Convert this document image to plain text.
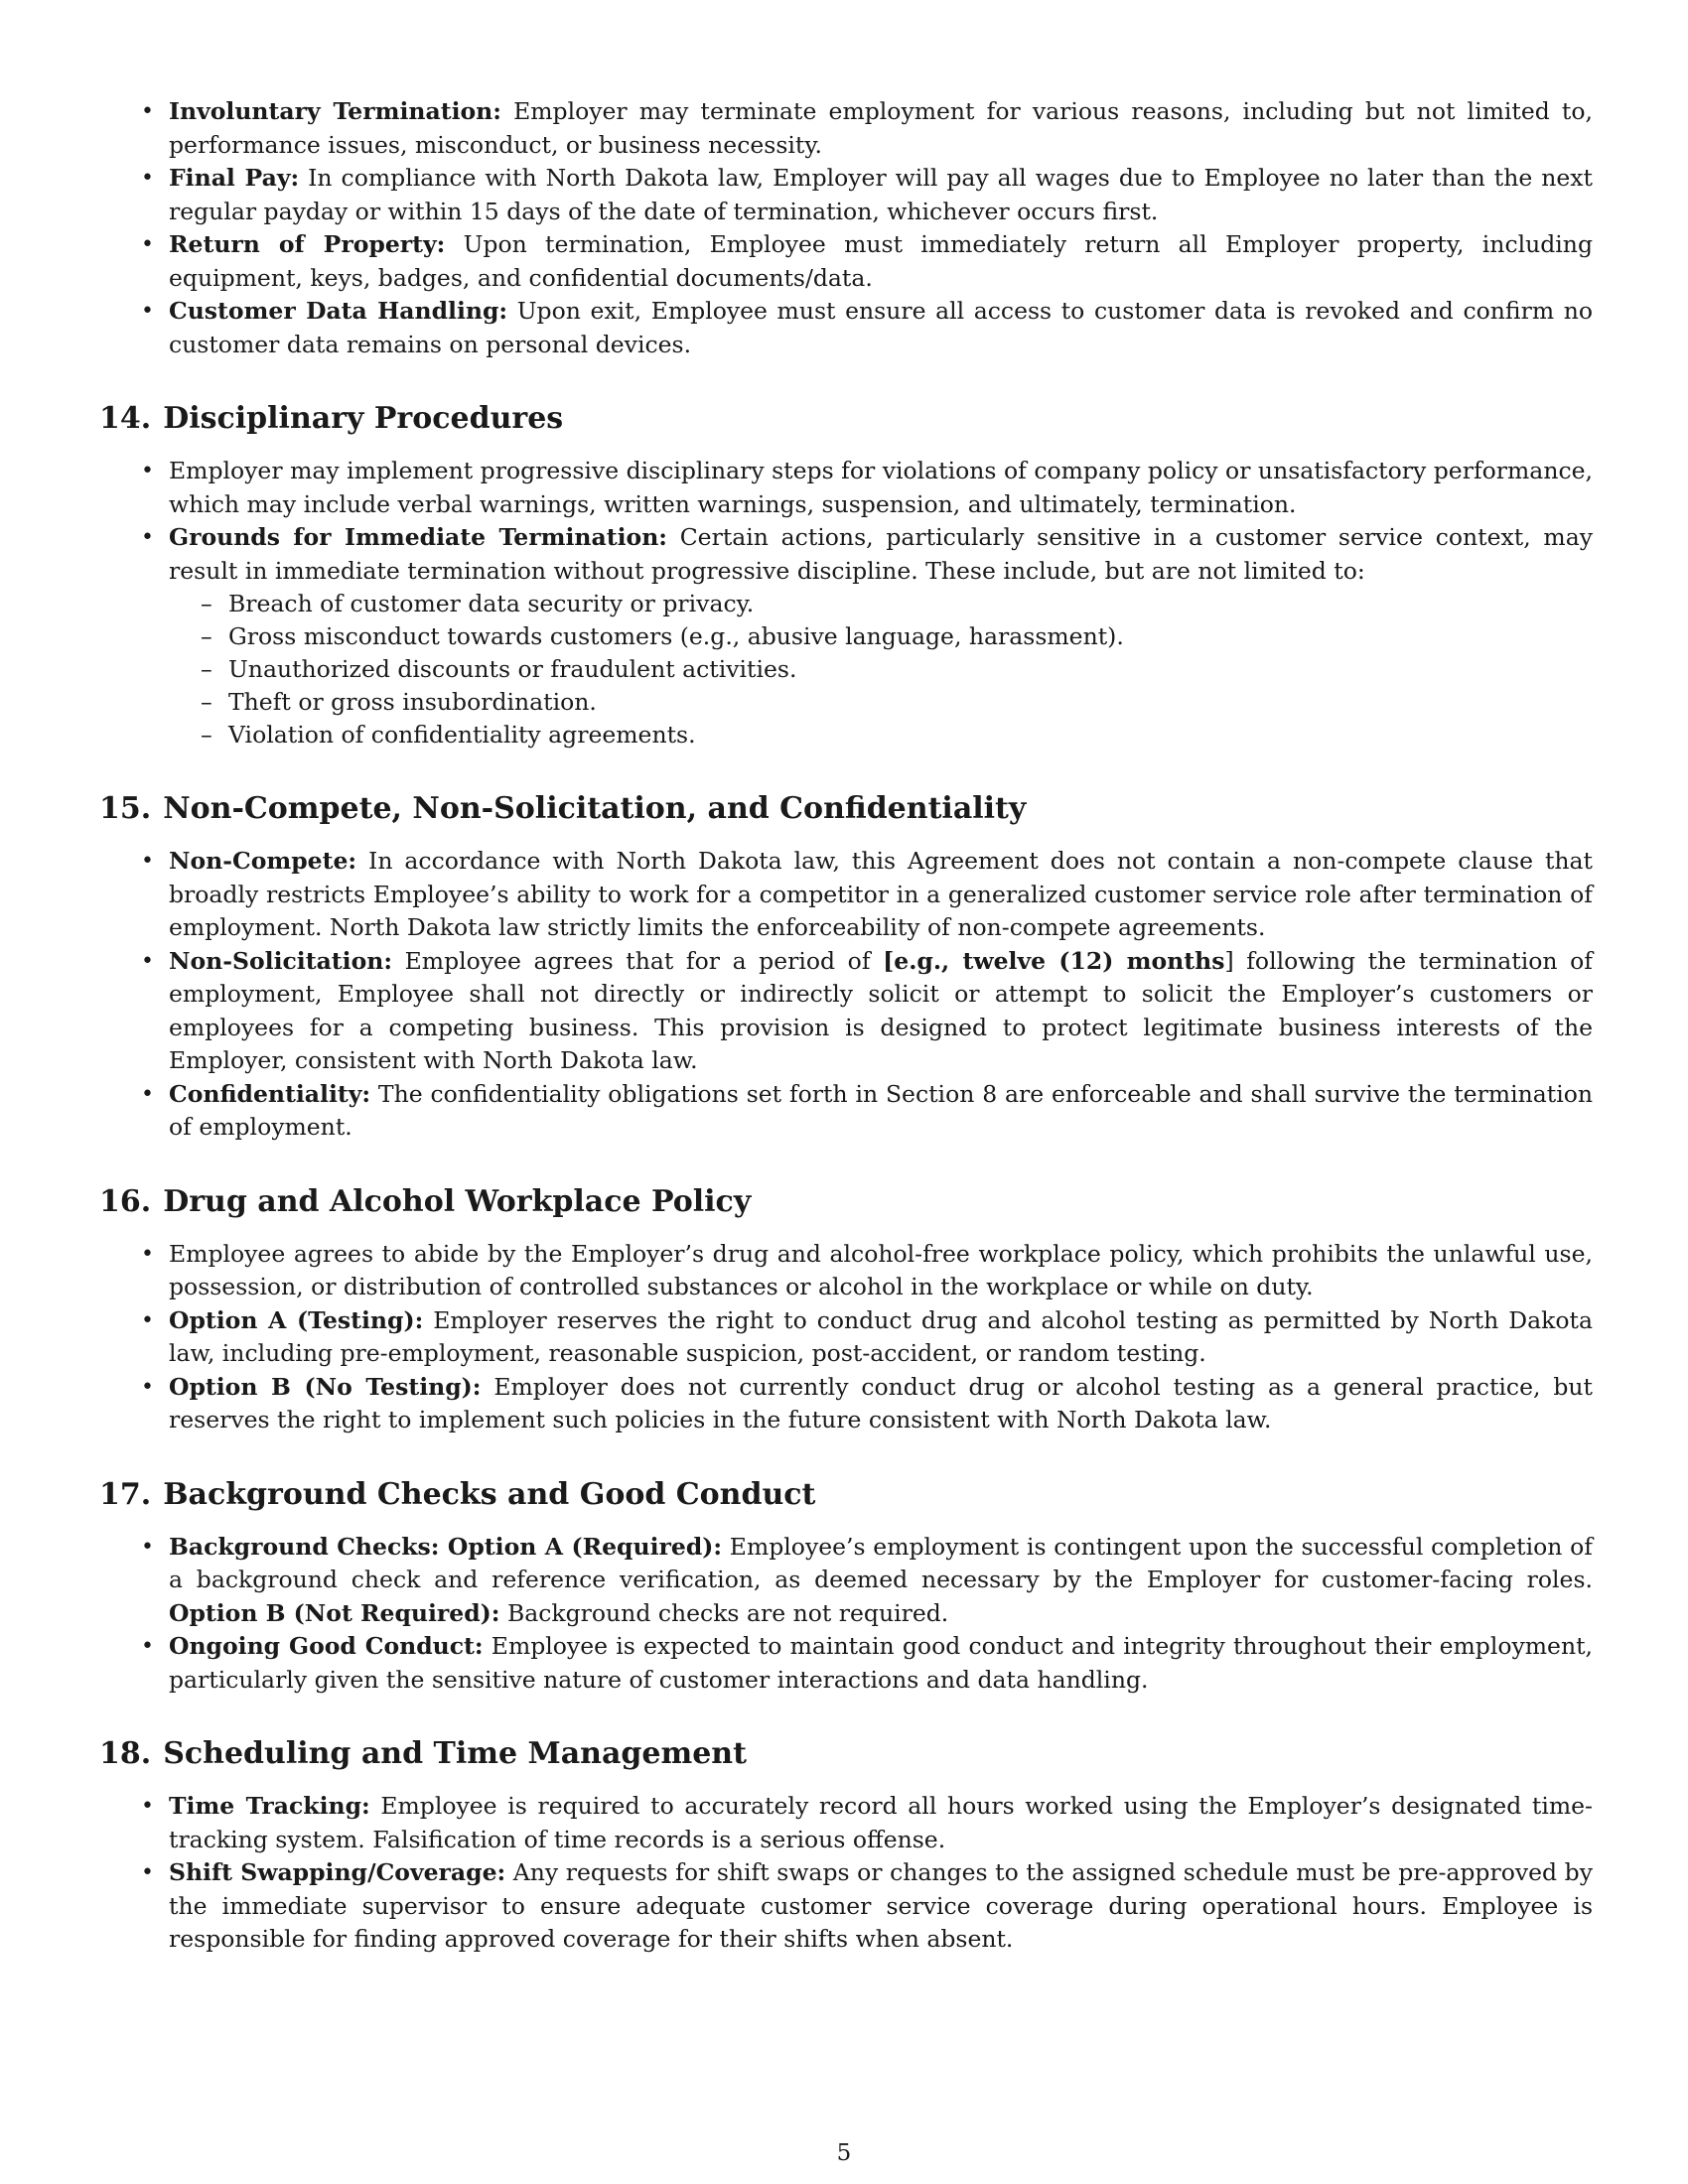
• Involuntary Termination: Employer may terminate employment for various reasons, including but not limited to, performance issues, misconduct, or business necessity.
• Final Pay: In compliance with North Dakota law, Employer will pay all wages due to Employee no later than the next regular payday or within 15 days of the date of termination, whichever occurs first.
• Return of Property: Upon termination, Employee must immediately return all Employer property, including equipment, keys, badges, and confidential documents/data.
• Customer Data Handling: Upon exit, Employee must ensure all access to customer data is revoked and confirm no customer data remains on personal devices.
14. Disciplinary Procedures
• Employer may implement progressive disciplinary steps for violations of company policy or unsatisfactory performance, which may include verbal warnings, written warnings, suspension, and ultimately, termination.
• Grounds for Immediate Termination: Certain actions, particularly sensitive in a customer service context, may result in immediate termination without progressive discipline. These include, but are not limited to:
– Breach of customer data security or privacy.
– Gross misconduct towards customers (e.g., abusive language, harassment).
– Unauthorized discounts or fraudulent activities.
– Theft or gross insubordination.
– Violation of confidentiality agreements.
15. Non-Compete, Non-Solicitation, and Confidentiality
• Non-Compete: In accordance with North Dakota law, this Agreement does not contain a non-compete clause that broadly restricts Employee’s ability to work for a competitor in a generalized customer service role after termination of employment. North Dakota law strictly limits the enforceability of non-compete agreements.
• Non-Solicitation: Employee agrees that for a period of [e.g., twelve (12) months] following the termination of employment, Employee shall not directly or indirectly solicit or attempt to solicit the Employer’s customers or employees for a competing business. This provision is designed to protect legitimate business interests of the Employer, consistent with North Dakota law.
• Confidentiality: The confidentiality obligations set forth in Section 8 are enforceable and shall survive the termination of employment.
16. Drug and Alcohol Workplace Policy
• Employee agrees to abide by the Employer’s drug and alcohol-free workplace policy, which prohibits the unlawful use, possession, or distribution of controlled substances or alcohol in the workplace or while on duty.
• Option A (Testing): Employer reserves the right to conduct drug and alcohol testing as permitted by North Dakota law, including pre-employment, reasonable suspicion, post-accident, or random testing.
• Option B (No Testing): Employer does not currently conduct drug or alcohol testing as a general practice, but reserves the right to implement such policies in the future consistent with North Dakota law.
17. Background Checks and Good Conduct
• Background Checks: Option A (Required): Employee’s employment is contingent upon the successful completion of a background check and reference verification, as deemed necessary by the Employer for customer-facing roles. Option B (Not Required): Background checks are not required.
• Ongoing Good Conduct: Employee is expected to maintain good conduct and integrity throughout their employment, particularly given the sensitive nature of customer interactions and data handling.
18. Scheduling and Time Management
• Time Tracking: Employee is required to accurately record all hours worked using the Employer’s designated time-tracking system. Falsification of time records is a serious offense.
• Shift Swapping/Coverage: Any requests for shift swaps or changes to the assigned schedule must be pre-approved by the immediate supervisor to ensure adequate customer service coverage during operational hours. Employee is responsible for finding approved coverage for their shifts when absent.
5
